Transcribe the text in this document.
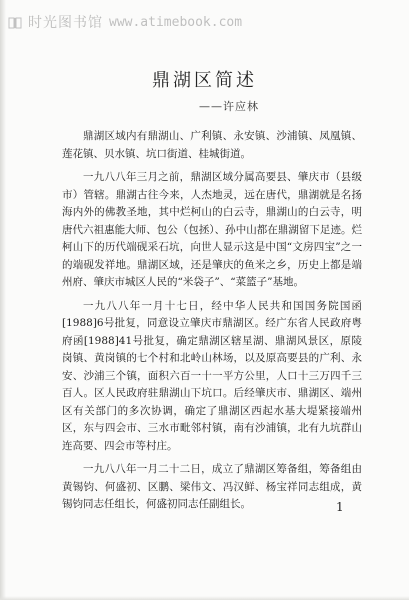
时光图书馆 www.atimebook.com
鼎湖区简述
——许应林

鼎湖区域内有鼎湖山、广利镇、永安镇、沙浦镇、凤凰镇、莲花镇、贝水镇、坑口街道、桂城街道。

一九八八年三月之前，鼎湖区域分属高要县、肇庆市（县级市）管辖。鼎湖古往今来，人杰地灵，远在唐代，鼎湖就是名扬海内外的佛教圣地，其中烂柯山的白云寺，鼎湖山的白云寺，明唐代六祖惠能大师、包公（包拯）、孙中山都在鼎湖留下足迹。烂柯山下的历代端砚采石坑，向世人显示这是中国“文房四宝”之一的端砚发祥地。鼎湖区域，还是肇庆的鱼米之乡，历史上都是端州府、肇庆市城区人民的“米袋子”、“菜篮子”基地。

一九八八年一月十七日，经中华人民共和国国务院国函[1988]6号批复，同意设立肇庆市鼎湖区。经广东省人民政府粤府函[1988]41号批复，确定鼎湖区辖星湖、鼎湖风景区，原陵岗镇、黄岗镇的七个村和北岭山林场，以及原高要县的广利、永安、沙浦三个镇，面积六百一十一平方公里，人口十三万四千三百人。区人民政府驻鼎湖山下坑口。后经肇庆市、鼎湖区、端州区有关部门的多次协调，确定了鼎湖区西起水基大堤紧接端州区，东与四会市、三水市毗邻村镇，南有沙浦镇，北有九坑群山连高要、四会市等村庄。

一九八八年一月二十二日，成立了鼎湖区筹备组，筹备组由黄锡钧、何盛初、区鹏、梁伟文、冯汉鲜、杨宝祥同志组成，黄锡钧同志任组长，何盛初同志任副组长。	1
